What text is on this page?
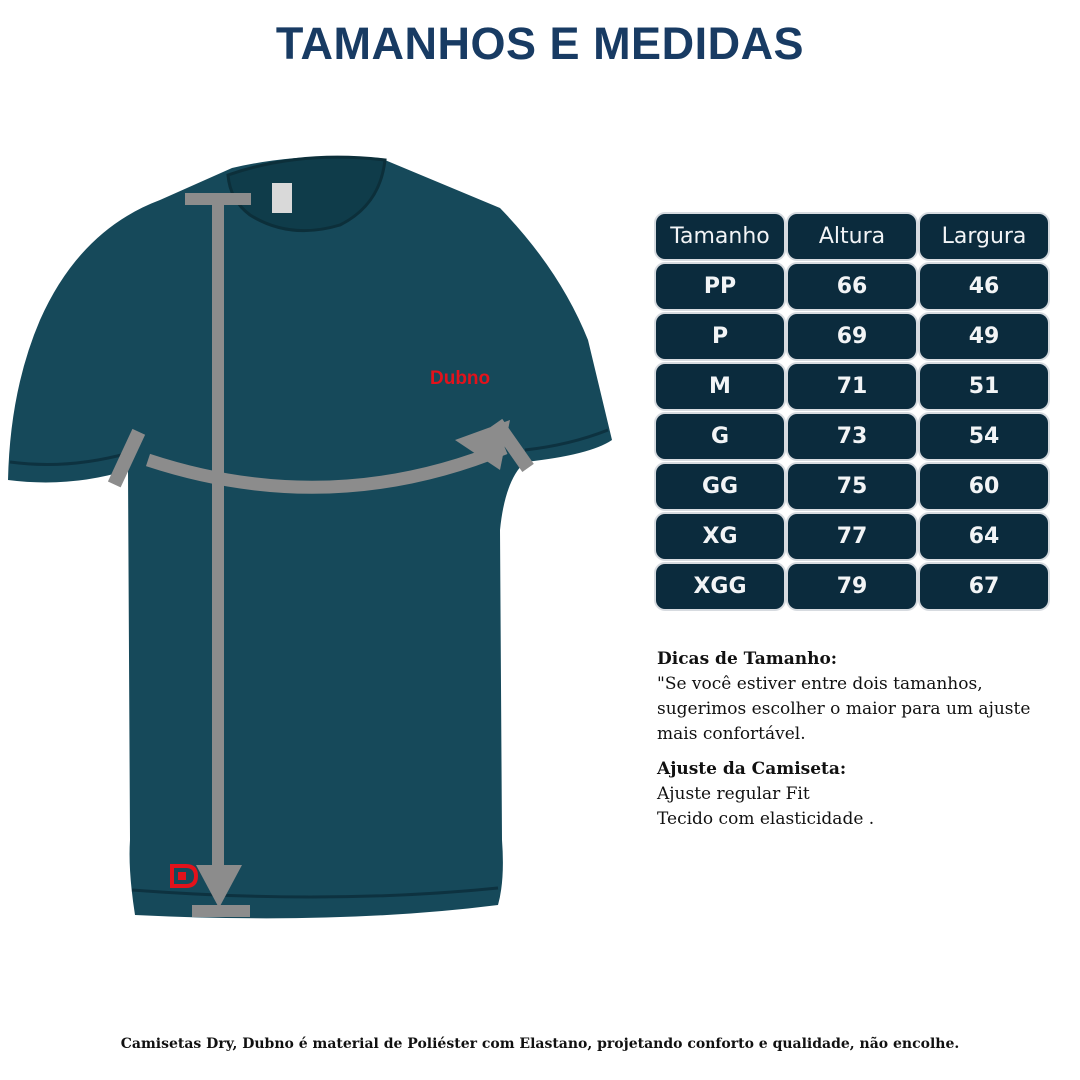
TAMANHOS E MEDIDAS
Dubno
Tamanho	Altura	Largura
PP	66	46
P	69	49
M	71	51
G	73	54
GG	75	60
XG	77	64
XGG	79	67
Dicas de Tamanho:
"Se você estiver entre dois tamanhos,
sugerimos escolher o maior para um ajuste
mais confortável.
Ajuste da Camiseta:
Ajuste regular Fit
Tecido com elasticidade .
Camisetas Dry, Dubno é material de Poliéster com Elastano, projetando conforto e qualidade, não encolhe.
